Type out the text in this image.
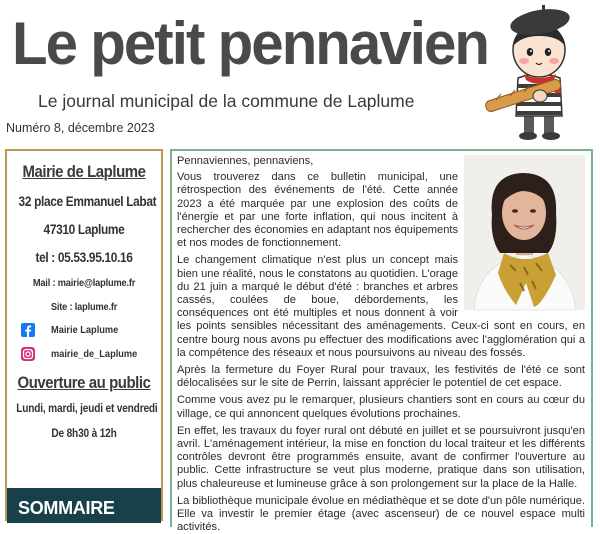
Le petit pennavien
Le journal municipal de la commune de Laplume
Numéro 8, décembre 2023
Mairie de Laplume
32 place Emmanuel Labat
47310 Laplume
tel : 05.53.95.10.16
Mail : mairie@laplume.fr
Site : laplume.fr
Mairie Laplume
mairie_de_Laplume
Ouverture au public
Lundi, mardi, jeudi et vendredi
De 8h30 à 12h
SOMMAIRE

Pennaviennes, pennaviens,

Vous trouverez dans ce bulletin municipal, une rétrospection des événements de l'été. Cette année 2023 a été marquée par une explosion des coûts de l'énergie et par une forte inflation, qui nous incitent à rechercher des économies en adaptant nos équipements et nos modes de fonctionnement.

Le changement climatique n'est plus un concept mais bien une réalité, nous le constatons au quotidien. L'orage du 21 juin a marqué le début d'été : branches et arbres cassés, coulées de boue, débordements, les conséquences ont été multiples et nous donnent à voir les points sensibles nécessitant des aménagements. Ceux-ci sont en cours, en centre bourg nous avons pu effectuer des modifications avec l'agglomération qui a la compétence des réseaux et nous poursuivons au niveau des fossés.

Après la fermeture du Foyer Rural pour travaux, les festivités de l'été ce sont délocalisées sur le site de Perrin, laissant apprécier le potentiel de cet espace.

Comme vous avez pu le remarquer, plusieurs chantiers sont en cours au cœur du village, ce qui annoncent quelques évolutions prochaines.

En effet, les travaux du foyer rural ont débuté en juillet et se poursuivront jusqu'en avril. L'aménagement intérieur, la mise en fonction du local traiteur et les différents contrôles devront être programmés ensuite, avant de confirmer l'ouverture au public. Cette infrastructure se veut plus moderne, pratique dans son utilisation, plus chaleureuse et lumineuse grâce à son prolongement sur la place de la Halle.

La bibliothèque municipale évolue en médiathèque et se dote d'un pôle numérique. Elle va investir le premier étage (avec ascenseur) de ce nouvel espace multi activités.
